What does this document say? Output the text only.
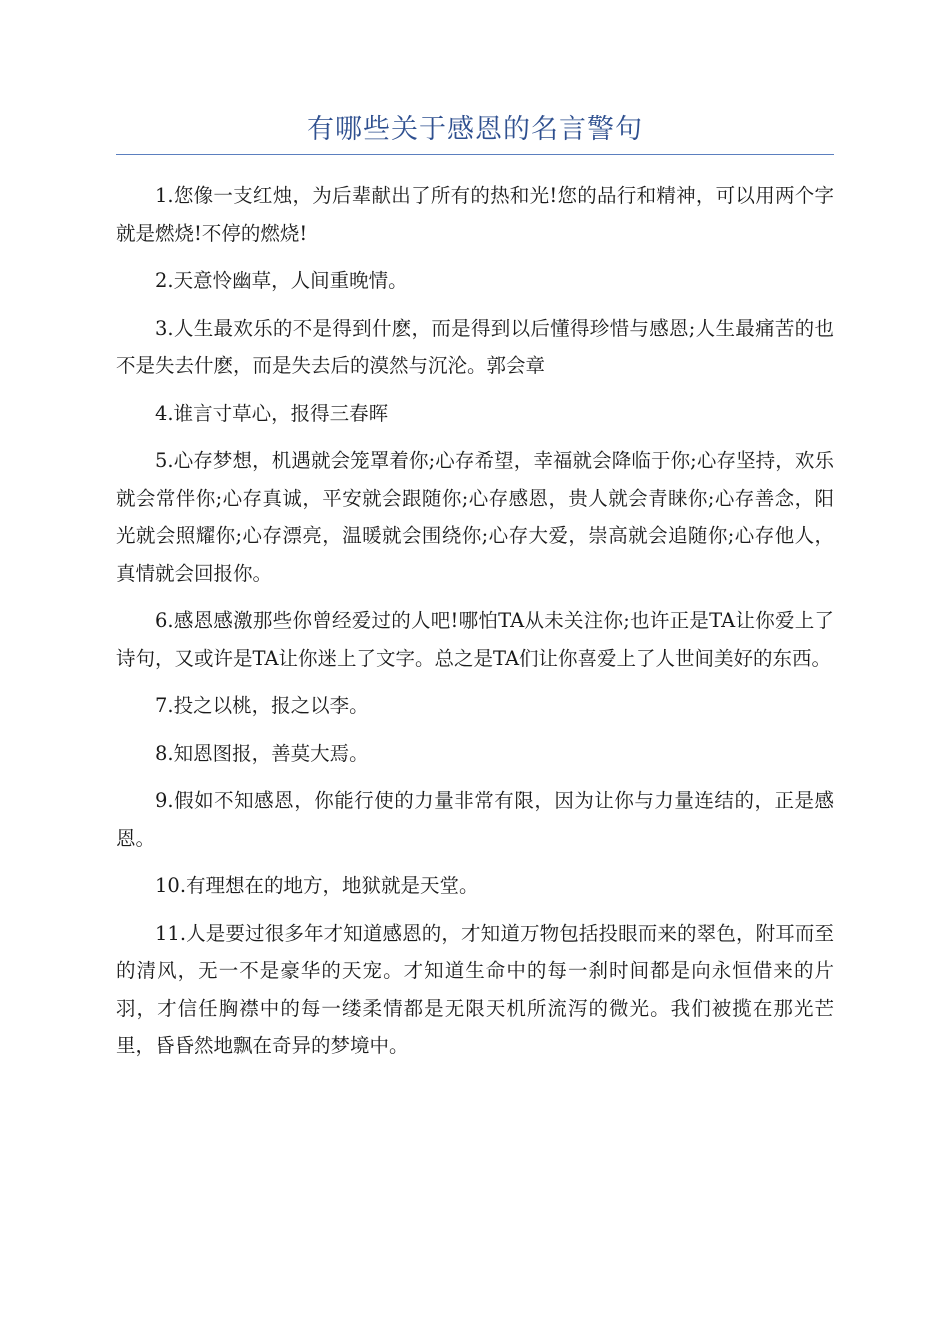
有哪些关于感恩的名言警句

1.您像一支红烛，为后辈献出了所有的热和光!您的品行和精神，可以用两个字就是燃烧!不停的燃烧!

2.天意怜幽草，人间重晚情。

3.人生最欢乐的不是得到什麽，而是得到以后懂得珍惜与感恩;人生最痛苦的也不是失去什麽，而是失去后的漠然与沉沦。郭会章

4.谁言寸草心，报得三春晖

5.心存梦想，机遇就会笼罩着你;心存希望，幸福就会降临于你;心存坚持，欢乐就会常伴你;心存真诚，平安就会跟随你;心存感恩，贵人就会青睐你;心存善念，阳光就会照耀你;心存漂亮，温暖就会围绕你;心存大爱，崇高就会追随你;心存他人，真情就会回报你。

6.感恩感激那些你曾经爱过的人吧!哪怕TA从未关注你;也许正是TA让你爱上了诗句，又或许是TA让你迷上了文字。总之是TA们让你喜爱上了人世间美好的东西。

7.投之以桃，报之以李。

8.知恩图报，善莫大焉。

9.假如不知感恩，你能行使的力量非常有限，因为让你与力量连结的，正是感恩。

10.有理想在的地方，地狱就是天堂。

11.人是要过很多年才知道感恩的，才知道万物包括投眼而来的翠色，附耳而至的清风，无一不是豪华的天宠。才知道生命中的每一刹时间都是向永恒借来的片羽，才信任胸襟中的每一缕柔情都是无限天机所流泻的微光。我们被揽在那光芒里，昏昏然地飘在奇异的梦境中。
